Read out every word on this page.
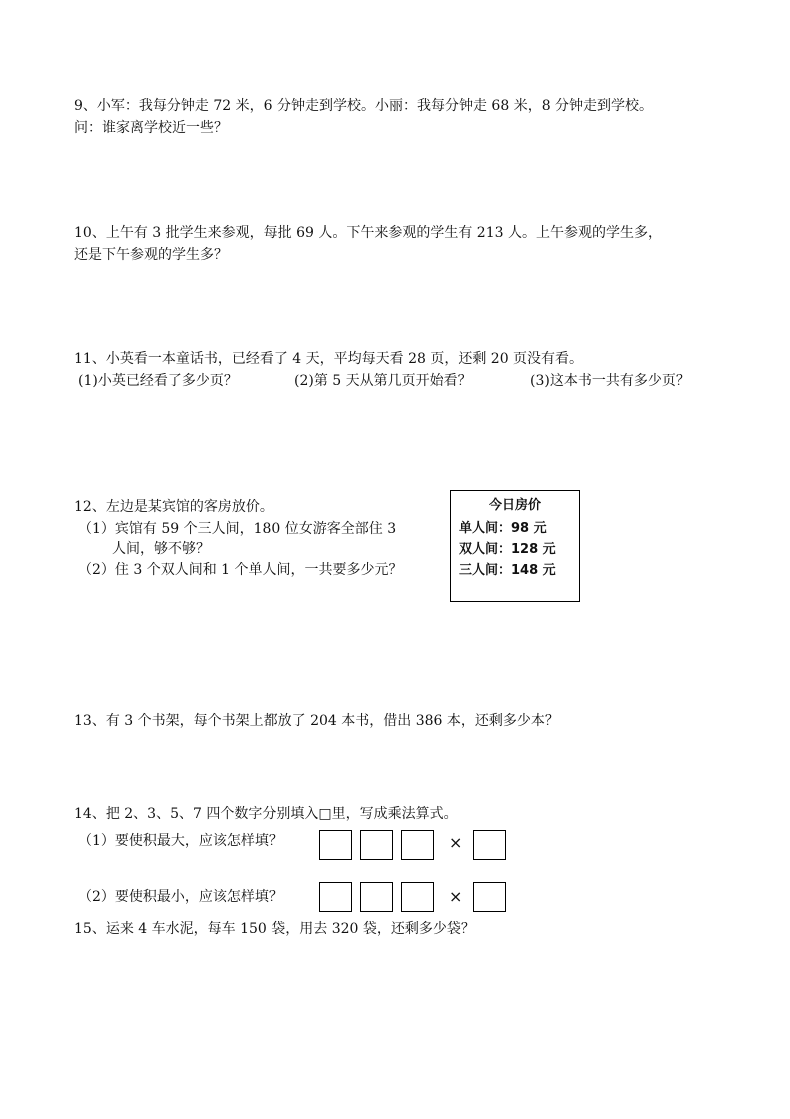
9、小军：我每分钟走 72 米，6 分钟走到学校。小丽：我每分钟走 68 米，8 分钟走到学校。
问：谁家离学校近一些？
10、上午有 3 批学生来参观，每批 69 人。下午来参观的学生有 213 人。上午参观的学生多，
还是下午参观的学生多？
11、小英看一本童话书，已经看了 4 天，平均每天看 28 页，还剩 20 页没有看。
(1)小英已经看了多少页？	(2)第 5 天从第几页开始看？	(3)这本书一共有多少页？
12、左边是某宾馆的客房放价。
（1）宾馆有 59 个三人间，180 位女游客全部住 3
人间，够不够？
（2）住 3 个双人间和 1 个单人间，一共要多少元？
今日房价
单人间：98 元
双人间：128 元
三人间：148 元
13、有 3 个书架，每个书架上都放了 204 本书，借出 386 本，还剩多少本？
14、把 2、3、5、7 四个数字分别填入□里，写成乘法算式。
（1）要使积最大，应该怎样填？	×
（2）要使积最小，应该怎样填？	×
15、运来 4 车水泥，每车 150 袋，用去 320 袋，还剩多少袋？
